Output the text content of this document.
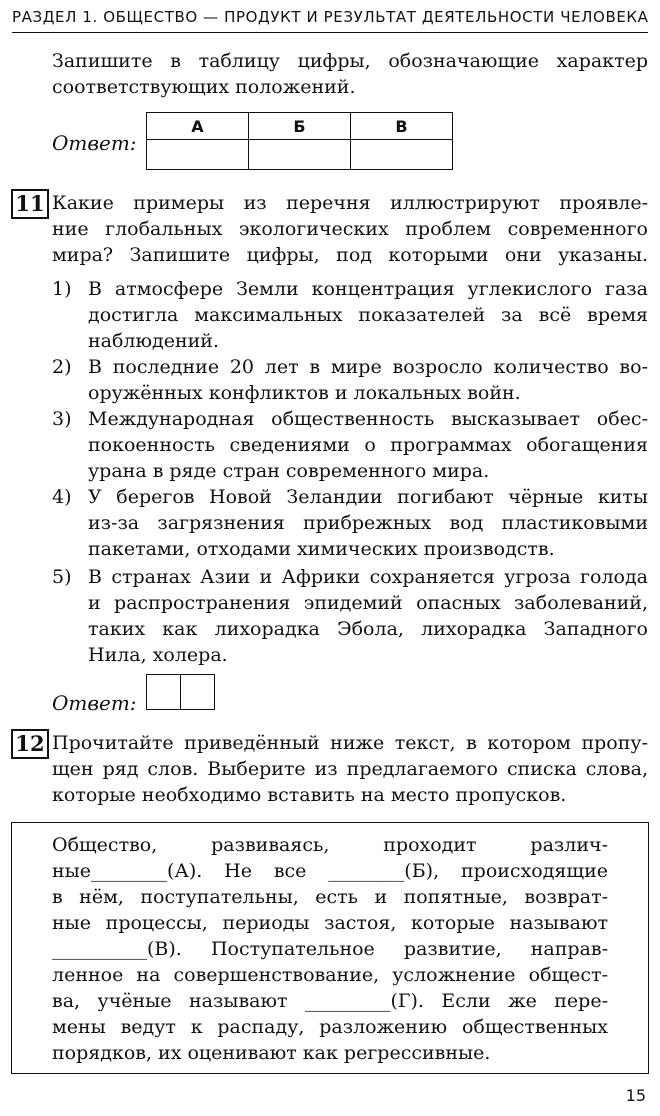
РАЗДЕЛ 1. ОБЩЕСТВО — ПРОДУКТ И РЕЗУЛЬТАТ ДЕЯТЕЛЬНОСТИ ЧЕЛОВЕКА
Запишите в таблицу цифры, обозначающие характер
соответствующих положений.
Ответ:
А	Б	В

11 Какие примеры из перечня иллюстрируют проявле-
ние глобальных экологических проблем современного
мира? Запишите цифры, под которыми они указаны.
1) В атмосфере Земли концентрация углекислого газа
достигла максимальных показателей за всё время
наблюдений.
2) В последние 20 лет в мире возросло количество во-
оружённых конфликтов и локальных войн.
3) Международная общественность высказывает обес-
покоенность сведениями о программах обогащения
урана в ряде стран современного мира.
4) У берегов Новой Зеландии погибают чёрные киты
из-за загрязнения прибрежных вод пластиковыми
пакетами, отходами химических производств.
5) В странах Азии и Африки сохраняется угроза голода
и распространения эпидемий опасных заболеваний,
таких как лихорадка Эбола, лихорадка Западного
Нила, холера.
Ответ:

12 Прочитайте приведённый ниже текст, в котором пропу-
щен ряд слов. Выберите из предлагаемого списка слова,
которые необходимо вставить на место пропусков.
Общество, развиваясь, проходит различ-
ные________(А). Не все ________(Б), происходящие
в нём, поступательны, есть и попятные, возврат-
ные процессы, периоды застоя, которые называют
__________(В). Поступательное развитие, направ-
ленное на совершенствование, усложнение общест-
ва, учёные называют _________(Г). Если же пере-
мены ведут к распаду, разложению общественных
порядков, их оценивают как регрессивные.
15
